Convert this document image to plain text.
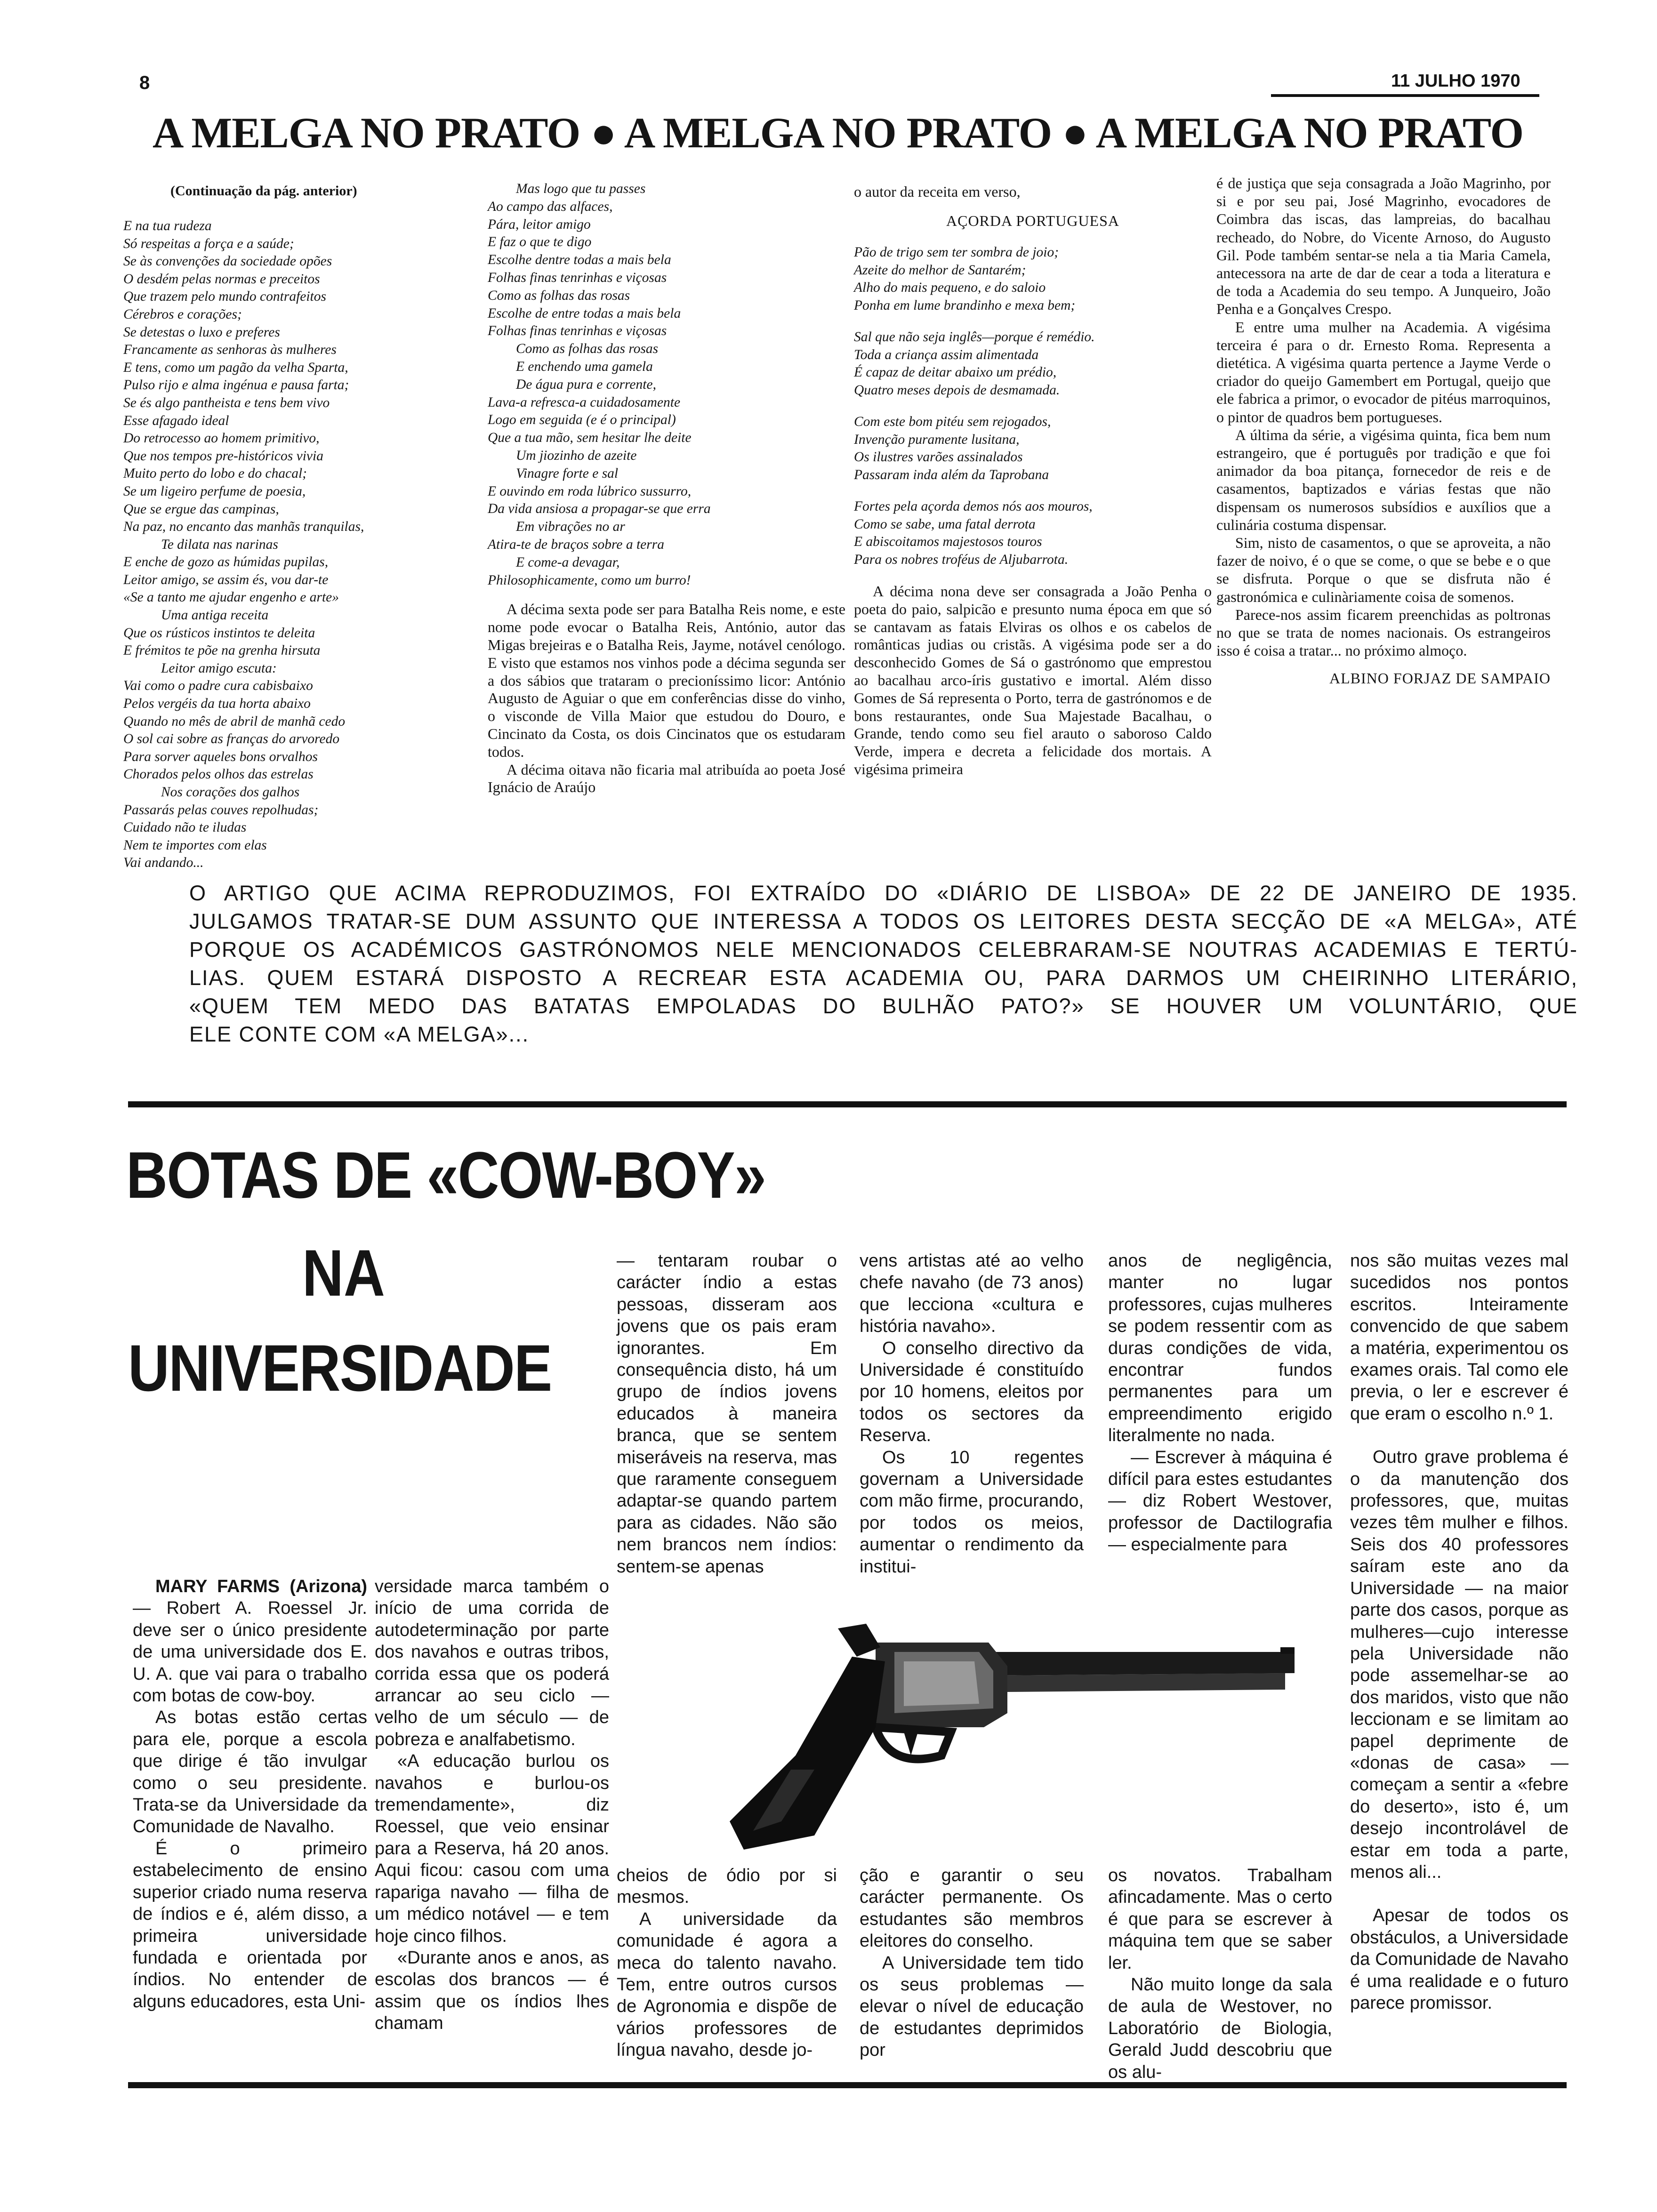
8	11 JULHO 1970
A MELGA NO PRATO ● A MELGA NO PRATO ● A MELGA NO PRATO
(Continuação da pág. anterior)
E na tua rudeza
Só respeitas a força e a saúde;
Se às convenções da sociedade opões
O desdém pelas normas e preceitos
Que trazem pelo mundo contrafeitos
Cérebros e corações;
Se detestas o luxo e preferes
Francamente as senhoras às mulheres
E tens, como um pagão da velha Sparta,
Pulso rijo e alma ingénua e pausa farta;
Se és algo pantheista e tens bem vivo
Esse afagado ideal
Do retrocesso ao homem primitivo,
Que nos tempos pre-históricos vivia
Muito perto do lobo e do chacal;
Se um ligeiro perfume de poesia,
Que se ergue das campinas,
Na paz, no encanto das manhãs tranquilas,
Te dilata nas narinas
E enche de gozo as húmidas pupilas,
Leitor amigo, se assim és, vou dar-te
«Se a tanto me ajudar engenho e arte»
Uma antiga receita
Que os rústicos instintos te deleita
E frémitos te põe na grenha hirsuta
Leitor amigo escuta:
Vai como o padre cura cabisbaixo
Pelos vergéis da tua horta abaixo
Quando no mês de abril de manhã cedo
O sol cai sobre as franças do arvoredo
Para sorver aqueles bons orvalhos
Chorados pelos olhos das estrelas
Nos corações dos galhos
Passarás pelas couves repolhudas;
Cuidado não te iludas
Nem te importes com elas
Vai andando...
Mas logo que tu passes
Ao campo das alfaces,
Pára, leitor amigo
E faz o que te digo
Escolhe dentre todas a mais bela
Folhas finas tenrinhas e viçosas
Como as folhas das rosas
Escolhe de entre todas a mais bela
Folhas finas tenrinhas e viçosas
Como as folhas das rosas
E enchendo uma gamela
De água pura e corrente,
Lava-a refresca-a cuidadosamente
Logo em seguida (e é o principal)
Que a tua mão, sem hesitar lhe deite
Um jiozinho de azeite
Vinagre forte e sal
E ouvindo em roda lúbrico sussurro,
Da vida ansiosa a propagar-se que erra
Em vibrações no ar
Atira-te de braços sobre a terra
E come-a devagar,
Philosophicamente, como um burro!

A décima sexta pode ser para Batalha Reis nome, e este nome pode evocar o Batalha Reis, António, autor das Migas brejeiras e o Batalha Reis, Jayme, notável cenólogo. E visto que estamos nos vinhos pode a décima segunda ser a dos sábios que trataram o precioníssimo licor: António Augusto de Aguiar o que em conferências disse do vinho, o visconde de Villa Maior que estudou do Douro, e Cincinato da Costa, os dois Cincinatos que os estudaram todos.

A décima oitava não ficaria mal atribuída ao poeta José Ignácio de Araújo

o autor da receita em verso,
AÇORDA PORTUGUESA
Pão de trigo sem ter sombra de joio;
Azeite do melhor de Santarém;
Alho do mais pequeno, e do saloio
Ponha em lume brandinho e mexa bem;
Sal que não seja inglês—porque é remédio.
Toda a criança assim alimentada
É capaz de deitar abaixo um prédio,
Quatro meses depois de desmamada.
Com este bom pitéu sem rejogados,
Invenção puramente lusitana,
Os ilustres varões assinalados
Passaram inda além da Taprobana
Fortes pela açorda demos nós aos mouros,
Como se sabe, uma fatal derrota
E abiscoitamos majestosos touros
Para os nobres troféus de Aljubarrota.
A décima nona deve ser consagrada a João Penha o poeta do paio, salpicão e presunto numa época em que só se cantavam as fatais Elviras os olhos e os cabelos de românticas judias ou cristãs. A vigésima pode ser a do desconhecido Gomes de Sá o gastrónomo que emprestou ao bacalhau arco-íris gustativo e imortal. Além disso Gomes de Sá representa o Porto, terra de gastrónomos e de bons restaurantes, onde Sua Majestade Bacalhau, o Grande, tendo como seu fiel arauto o saboroso Caldo Verde, impera e decreta a felicidade dos mortais. A vigésima primeira

é de justiça que seja consagrada a João Magrinho, por si e por seu pai, José Magrinho, evocadores de Coimbra das iscas, das lampreias, do bacalhau recheado, do Nobre, do Vicente Arnoso, do Augusto Gil. Pode também sentar-se nela a tia Maria Camela, antecessora na arte de dar de cear a toda a literatura e de toda a Academia do seu tempo. A Junqueiro, João Penha e a Gonçalves Crespo.

E entre uma mulher na Academia. A vigésima terceira é para o dr. Ernesto Roma. Representa a dietética. A vigésima quarta pertence a Jayme Verde o criador do queijo Gamembert em Portugal, queijo que ele fabrica a primor, o evocador de pitéus marroquinos, o pintor de quadros bem portugueses.

A última da série, a vigésima quinta, fica bem num estrangeiro, que é português por tradição e que foi animador da boa pitança, fornecedor de reis e de casamentos, baptizados e várias festas que não dispensam os numerosos subsídios e auxílios que a culinária costuma dispensar.

Sim, nisto de casamentos, o que se aproveita, a não fazer de noivo, é o que se come, o que se bebe e o que se disfruta. Porque o que se disfruta não é gastronómica e culinàriamente coisa de somenos.

Parece-nos assim ficarem preenchidas as poltronas no que se trata de nomes nacionais. Os estrangeiros isso é coisa a tratar... no próximo almoço.

ALBINO FORJAZ DE SAMPAIO
O ARTIGO QUE ACIMA REPRODUZIMOS, FOI EXTRAÍDO DO «DIÁRIO DE LISBOA» DE 22 DE JANEIRO DE 1935.
JULGAMOS TRATAR-SE DUM ASSUNTO QUE INTERESSA A TODOS OS LEITORES DESTA SECÇÃO DE «A MELGA», ATÉ
PORQUE OS ACADÉMICOS GASTRÓNOMOS NELE MENCIONADOS CELEBRARAM-SE NOUTRAS ACADEMIAS E TERTÚ-
LIAS. QUEM ESTARÁ DISPOSTO A RECREAR ESTA ACADEMIA OU, PARA DARMOS UM CHEIRINHO LITERÁRIO,
«QUEM TEM MEDO DAS BATATAS EMPOLADAS DO BULHÃO PATO?» SE HOUVER UM VOLUNTÁRIO, QUE
ELE CONTE COM «A MELGA»...
BOTAS DE «COW-BOY»
NA
UNIVERSIDADE

MARY FARMS (Arizona) — Robert A. Roessel Jr. deve ser o único presidente de uma universidade dos E. U. A. que vai para o trabalho com botas de cow-boy.

As botas estão certas para ele, porque a escola que dirige é tão invulgar como o seu presidente. Trata-se da Universidade da Comunidade de Navalho.

É o primeiro estabelecimento de ensino superior criado numa reserva de índios e é, além disso, a primeira universidade fundada e orientada por índios. No entender de alguns educadores, esta Uni-

versidade marca também o início de uma corrida de autodeterminação por parte dos navahos e outras tribos, corrida essa que os poderá arrancar ao seu ciclo — velho de um século — de pobreza e analfabetismo.

«A educação burlou os navahos e burlou-os tremendamente», diz Roessel, que veio ensinar para a Reserva, há 20 anos. Aqui ficou: casou com uma rapariga navaho — filha de um médico notável — e tem hoje cinco filhos.

«Durante anos e anos, as escolas dos brancos — é assim que os índios lhes chamam

— tentaram roubar o carácter índio a estas pessoas, disseram aos jovens que os pais eram ignorantes. Em consequência disto, há um grupo de índios jovens educados à maneira branca, que se sentem miseráveis na reserva, mas que raramente conseguem adaptar-se quando partem para as cidades. Não são nem brancos nem índios: sentem-se apenas

vens artistas até ao velho chefe navaho (de 73 anos) que lecciona «cultura e história navaho».

O conselho directivo da Universidade é constituído por 10 homens, eleitos por todos os sectores da Reserva.

Os 10 regentes governam a Universidade com mão firme, procurando, por todos os meios, aumentar o rendimento da institui-

anos de negligência, manter no lugar professores, cujas mulheres se podem ressentir com as duras condições de vida, encontrar fundos permanentes para um empreendimento erigido literalmente no nada.

— Escrever à máquina é difícil para estes estudantes — diz Robert Westover, professor de Dactilografia — especialmente para

nos são muitas vezes mal sucedidos nos pontos escritos. Inteiramente convencido de que sabem a matéria, experimentou os exames orais. Tal como ele previa, o ler e escrever é que eram o escolho n.º 1.

Outro grave problema é o da manutenção dos professores, que, muitas vezes têm mulher e filhos. Seis dos 40 professores saíram este ano da Universidade — na maior parte dos casos, porque as mulheres—cujo interesse pela Universidade não pode assemelhar-se ao dos maridos, visto que não leccionam e se limitam ao papel deprimente de «donas de casa» — começam a sentir a «febre do deserto», isto é, um desejo incontrolável de estar em toda a parte, menos ali...

Apesar de todos os obstáculos, a Universidade da Comunidade de Navaho é uma realidade e o futuro parece promissor.

cheios de ódio por si mesmos.

A universidade da comunidade é agora a meca do talento navaho. Tem, entre outros cursos de Agronomia e dispõe de vários professores de língua navaho, desde jo-

ção e garantir o seu carácter permanente. Os estudantes são membros eleitores do conselho.

A Universidade tem tido os seus problemas — elevar o nível de educação de estudantes deprimidos por

os novatos. Trabalham afincadamente. Mas o certo é que para se escrever à máquina tem que se saber ler.

Não muito longe da sala de aula de Westover, no Laboratório de Biologia, Gerald Judd descobriu que os alu-
